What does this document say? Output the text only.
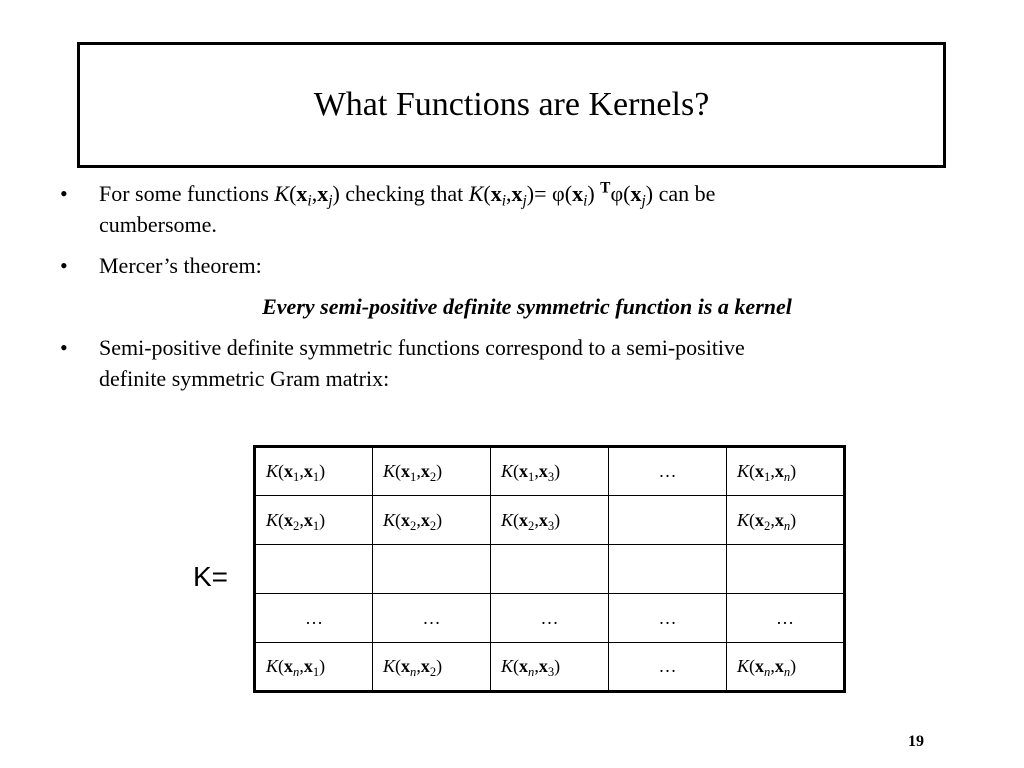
What Functions are Kernels?
•	For some functions $K(x_i,x_j)$ checking that $K(x_i,x_j)= \varphi(x_i)$ $^T\varphi(x_j)$ can be
cumbersome.
•	Mercer’s theorem:
Every semi-positive definite symmetric function is a kernel
•	Semi-positive definite symmetric functions correspond to a semi-positive
definite symmetric Gram matrix:
K=
$K(x_1,x_1)$	$K(x_1,x_2)$	$K(x_1,x_3)$	…	$K(x_1,x_n)$
$K(x_2,x_1)$	$K(x_2,x_2)$	$K(x_2,x_3)$		$K(x_2,x_n)$

…	…	…	…	…
$K(x_n,x_1)$	$K(x_n,x_2)$	$K(x_n,x_3)$	…	$K(x_n,x_n)$
19
